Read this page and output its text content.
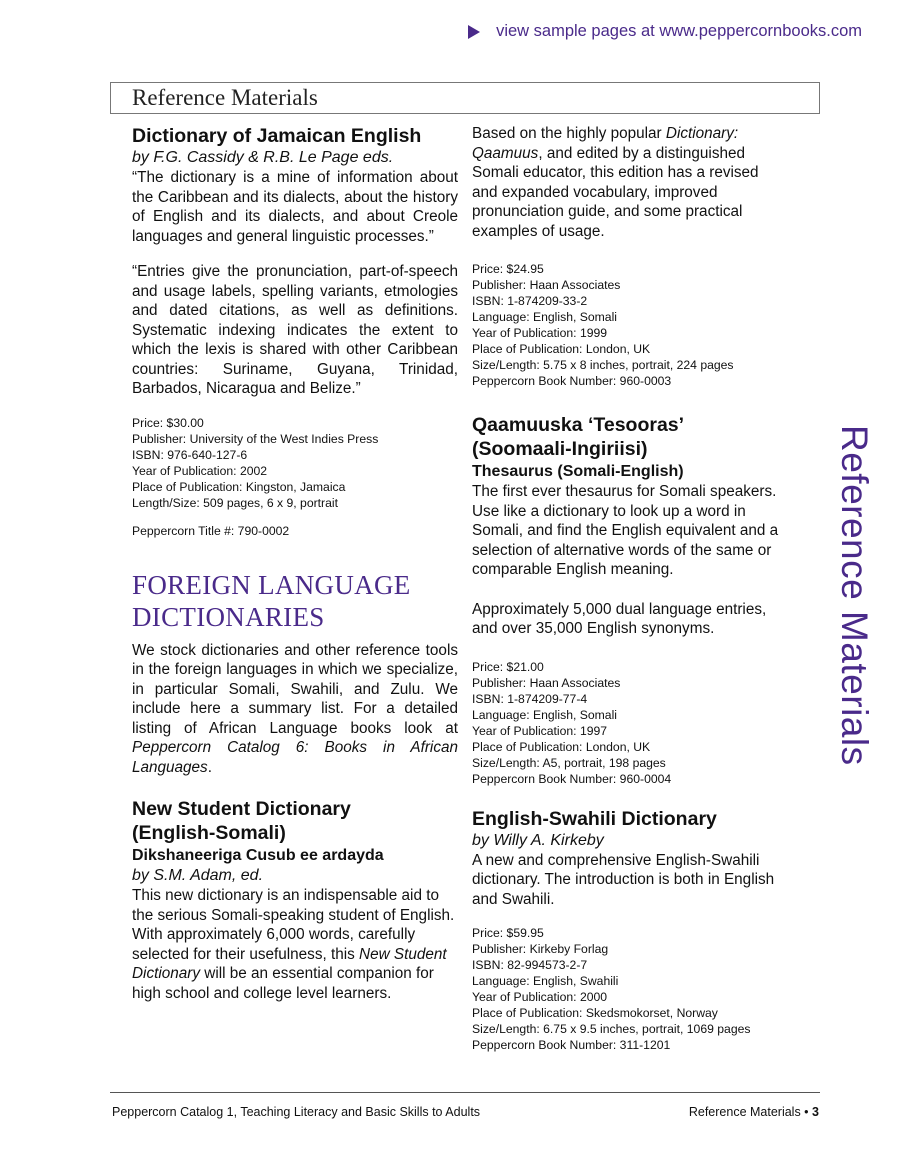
view sample pages at www.peppercornbooks.com
Reference Materials

Dictionary of Jamaican English

by F.G. Cassidy & R.B. Le Page eds.

“The dictionary is a mine of information about the Caribbean and its dialects, about the history of English and its dialects, and about Creole languages and general linguistic processes.”

“Entries give the pronunciation, part-of-speech and usage labels, spelling variants, etmologies and dated citations, as well as definitions. Systematic indexing indicates the extent to which the lexis is shared with other Caribbean countries: Suriname, Guyana, Trinidad, Barbados, Nicaragua and Belize.”

Price: $30.00
Publisher: University of the West Indies Press
ISBN: 976-640-127-6
Year of Publication: 2002
Place of Publication: Kingston, Jamaica
Length/Size: 509 pages, 6 x 9, portrait

Peppercorn Title #: 790-0002

FOREIGN LANGUAGE

DICTIONARIES

We stock dictionaries and other reference tools in the foreign languages in which we specialize, in particular Somali, Swahili, and Zulu. We include here a summary list. For a detailed listing of African Language books look at Peppercorn Catalog 6: Books in African Languages.

New Student Dictionary

(English-Somali)

Dikshaneeriga Cusub ee ardayda

by S.M. Adam, ed.

This new dictionary is an indispensable aid to the serious Somali-speaking student of English. With approximately 6,000 words, carefully selected for their usefulness, this New Student Dictionary will be an essential companion for high school and college level learners.

Based on the highly popular Dictionary: Qaamuus, and edited by a distinguished Somali educator, this edition has a revised and expanded vocabulary, improved pronunciation guide, and some practical examples of usage.

Price: $24.95
Publisher: Haan Associates
ISBN: 1-874209-33-2
Language: English, Somali
Year of Publication: 1999
Place of Publication: London, UK
Size/Length: 5.75 x 8 inches, portrait, 224 pages
Peppercorn Book Number: 960-0003

Qaamuuska ‘Tesooras’

(Soomaali-Ingiriisi)

Thesaurus (Somali-English)

The first ever thesaurus for Somali speakers. Use like a dictionary to look up a word in Somali, and find the English equivalent and a selection of alternative words of the same or comparable English meaning.

Approximately 5,000 dual language entries, and over 35,000 English synonyms.

Price: $21.00
Publisher: Haan Associates
ISBN: 1-874209-77-4
Language: English, Somali
Year of Publication: 1997
Place of Publication: London, UK
Size/Length: A5, portrait, 198 pages
Peppercorn Book Number: 960-0004

English-Swahili Dictionary

by Willy A. Kirkeby

A new and comprehensive English-Swahili dictionary. The introduction is both in English and Swahili.

Price: $59.95
Publisher: Kirkeby Forlag
ISBN: 82-994573-2-7
Language: English, Swahili
Year of Publication: 2000
Place of Publication: Skedsmokorset, Norway
Size/Length: 6.75 x 9.5 inches, portrait, 1069 pages
Peppercorn Book Number: 311-1201
Reference Materials
Peppercorn Catalog 1, Teaching Literacy and Basic Skills to Adults	Reference Materials • 3
